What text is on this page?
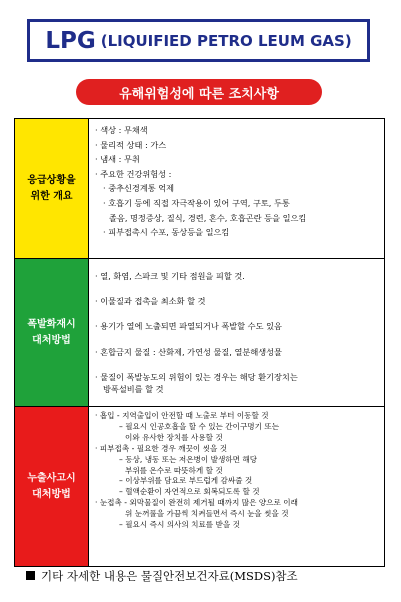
LPG (LIQUIFIED PETRO LEUM GAS)
유해위험성에 따른 조치사항
응급상황을
위한 개요
· 색상 : 무채색
· 물리적 상태 : 가스
· 냄새 : 무취
· 주요한 건강위험성 :
· 중추신경계통 억제
· 호흡기 등에 직접 자극작용이 있어 구역, 구토, 두통
졸음, 명정증상, 질식, 경련, 혼수, 호흡곤란 등을 일으킴
· 피부접촉시 수포, 동상등을 일으킴
폭발화재시
대처방법
· 열, 화염, 스파크 및 기타 점원을 피할 것.
· 이물질과 접촉을 최소화 할 것
· 용기가 열에 노출되면 파열되거나 폭발할 수도 있음
· 혼합금지 물질 : 산화제, 가연성 물질, 열분해생성물
· 물질이 폭발농도의 위험이 있는 경우는 해당 환기장치는
방폭설비를 할 것
누출사고시
대처방법
· 흡입 - 지역출입이 안전할 때 노출로 부터 이동할 것
– 필요시 인공호흡을 할 수 있는 간이구명기 또는
이와 유사한 장치를 사용할 것
· 피부접촉 - 필요한 경우 깨끗이 씻을 것
– 동상, 냉동 또는 저온병이 발생하면 해당
부위를 온수로 따뜻하게 할 것
– 이상부위를 담요로 부드럽게 감싸줄 것
– 혈액순환이 자연적으로 회복되도록 할 것
· 눈접촉 - 외막물질이 완전히 제거될 때까지 많은 양으로 이래
위 눈꺼풀을 가끔씩 치켜들면서 즉시 눈을 씻을 것
– 필요시 즉시 의사의 치료를 받을 것
기타 자세한 내용은 물질안전보건자료(MSDS)참조
